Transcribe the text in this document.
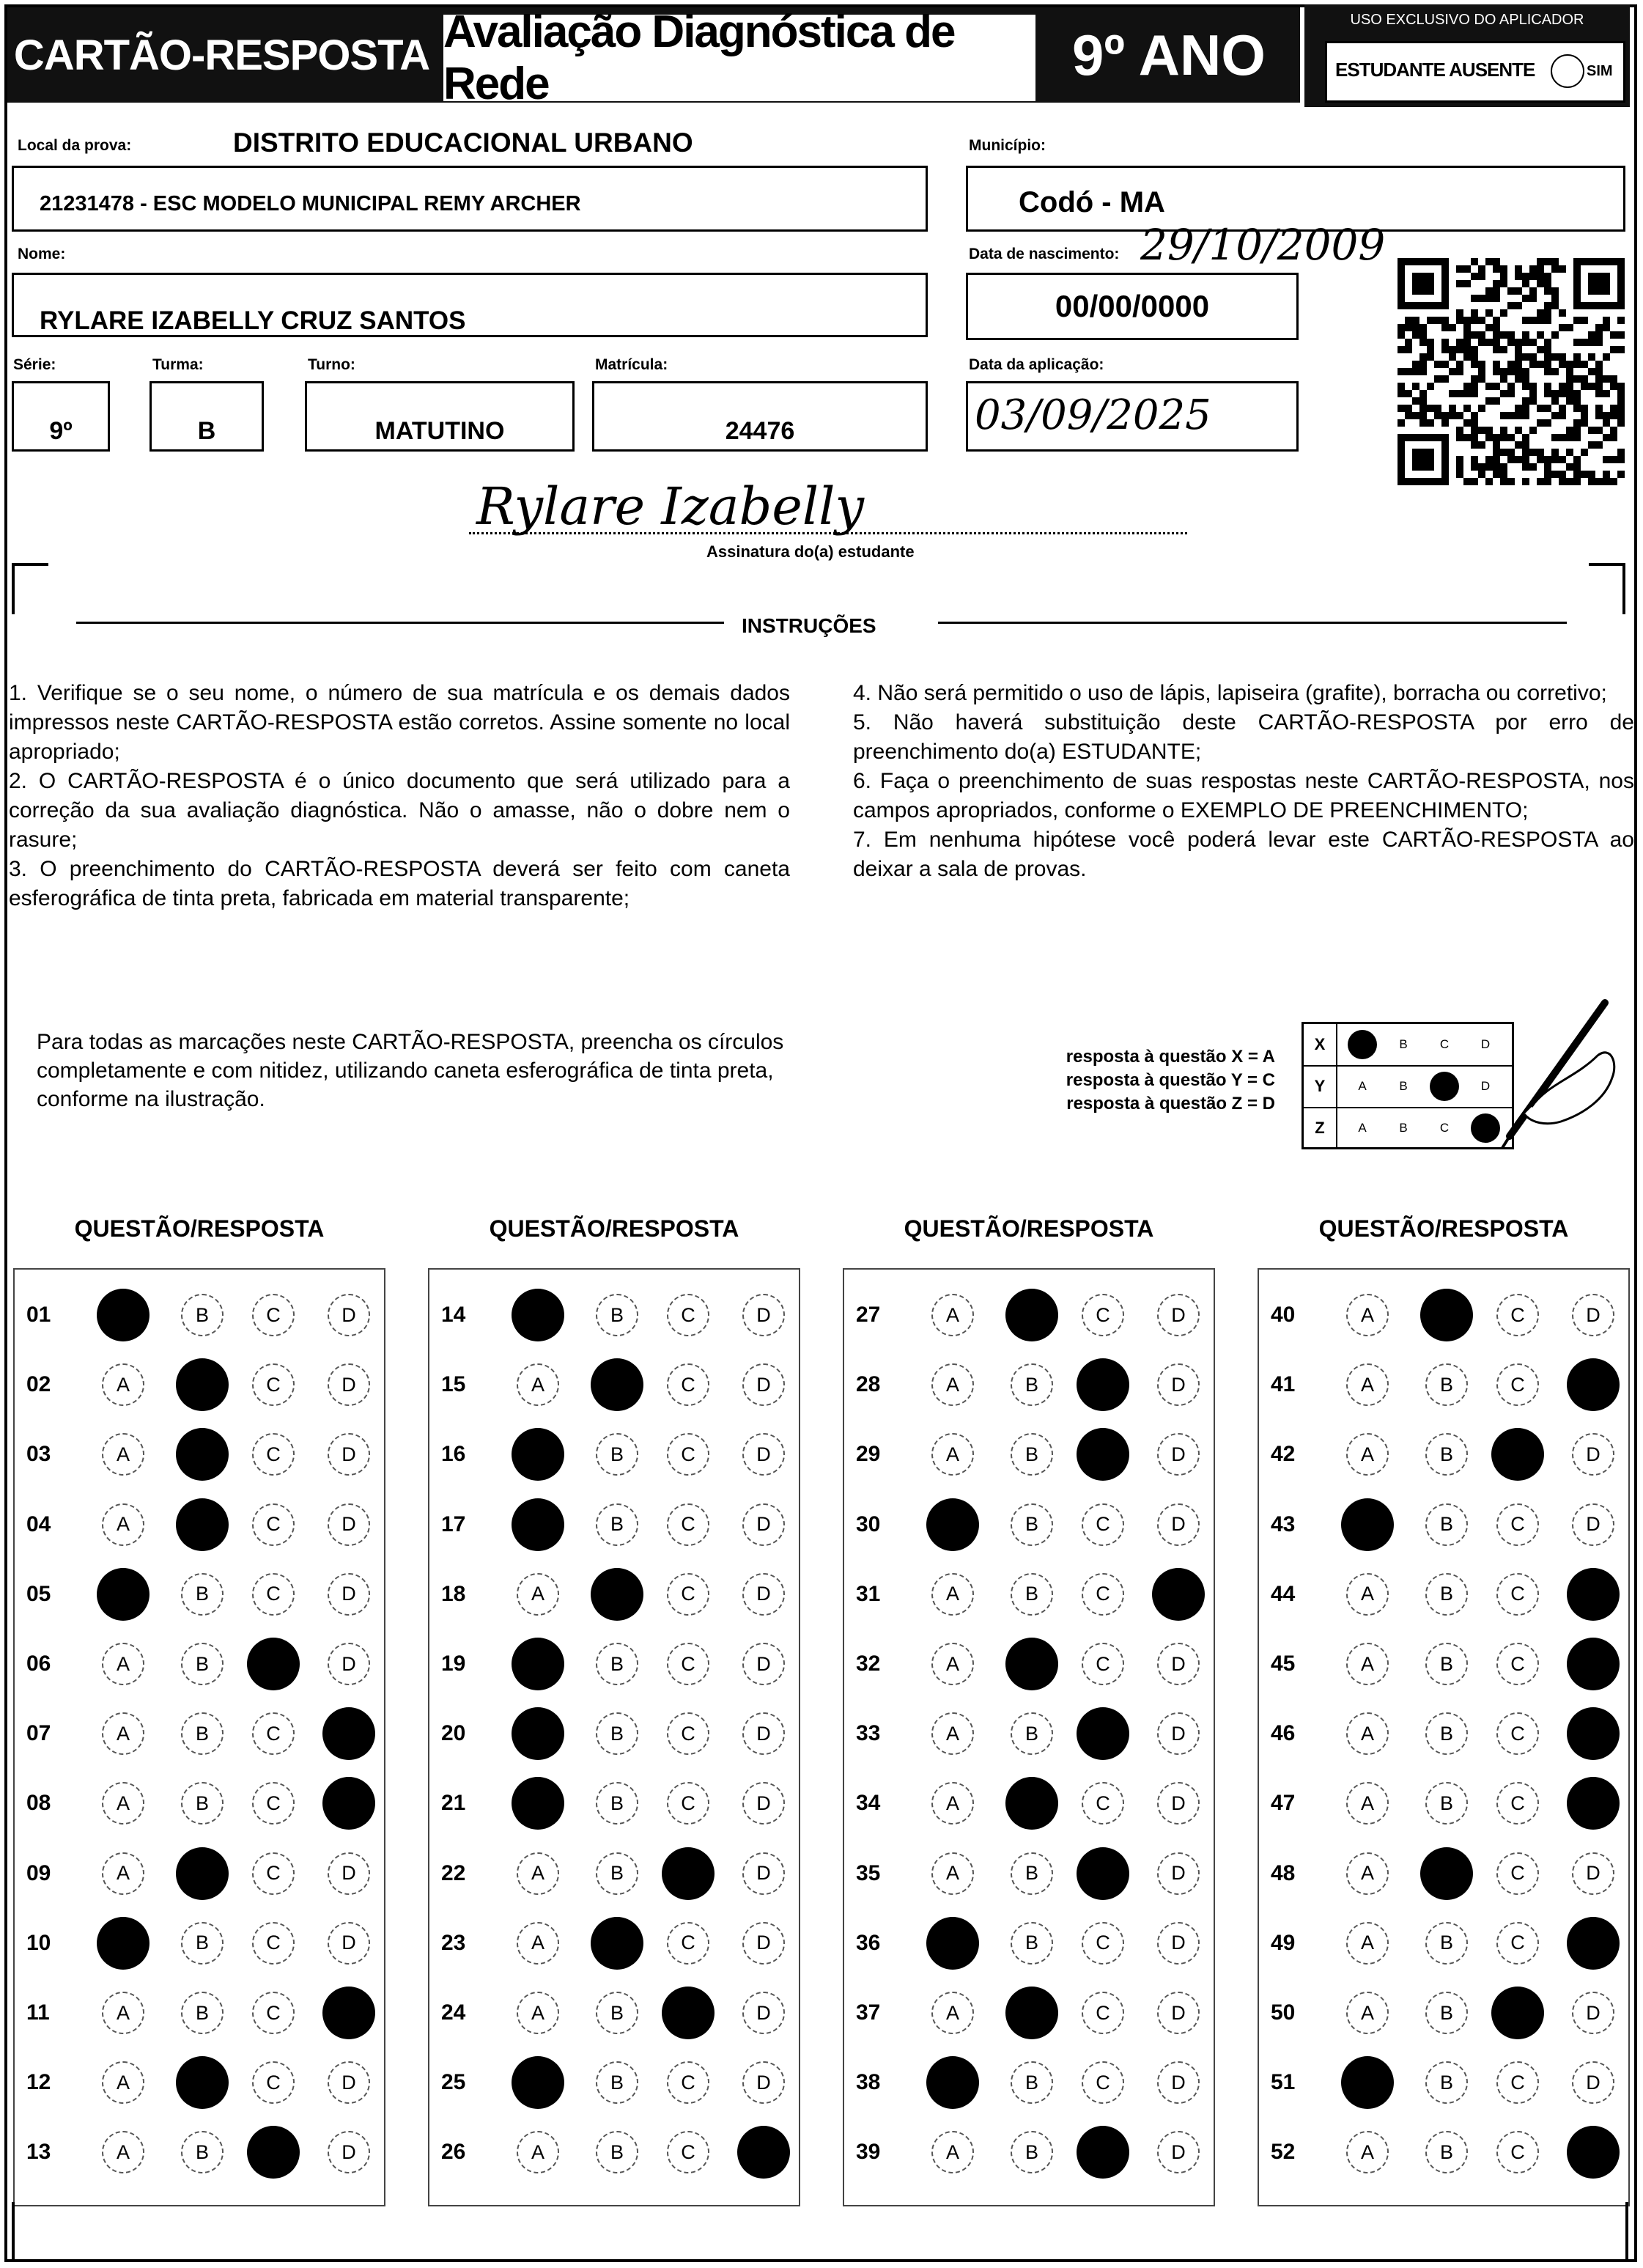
CARTÃO-RESPOSTA Avaliação Diagnóstica de Rede	9º ANO
USO EXCLUSIVO DO APLICADOR
ESTUDANTE AUSENTE	SIM
Local da prova:	DISTRITO EDUCACIONAL URBANO
21231478 - ESC MODELO MUNICIPAL REMY ARCHER
Município:
Codó - MA
Nome:
RYLARE IZABELLY CRUZ SANTOS
Data de nascimento: 29/10/2009
00/00/0000
Série:
9º
Turma:
B
Turno:
MATUTINO
Matrícula:
24476
Data da aplicação:
03/09/2025
Rylare Izabelly
Assinatura do(a) estudante
INSTRUÇÕES

1. Verifique se o seu nome, o número de sua matrícula e os demais dados impressos neste CARTÃO-RESPOSTA estão corretos. Assine somente no local apropriado;

2. O CARTÃO-RESPOSTA é o único documento que será utilizado para a correção da sua avaliação diagnóstica. Não o amasse, não o dobre nem o rasure;

3. O preenchimento do CARTÃO-RESPOSTA deverá ser feito com caneta esferográfica de tinta preta, fabricada em material transparente;

4. Não será permitido o uso de lápis, lapiseira (grafite), borracha ou corretivo;

5. Não haverá substituição deste CARTÃO-RESPOSTA por erro de preenchimento do(a) ESTUDANTE;

6. Faça o preenchimento de suas respostas neste CARTÃO-RESPOSTA, nos campos apropriados, conforme o EXEMPLO DE PREENCHIMENTO;

7. Em nenhuma hipótese você poderá levar este CARTÃO-RESPOSTA ao deixar a sala de provas.

Para todas as marcações neste CARTÃO-RESPOSTA, preencha os círculos completamente e com nitidez, utilizando caneta esferográfica de tinta preta, conforme na ilustração.
resposta à questão X = A
resposta à questão Y = C
resposta à questão Z = D
X	B	C	D
Y	A	B	D
Z	A	B	C
QUESTÃO/RESPOSTA
01	B	C	D
02	A	C	D
03	A	C	D
04	A	C	D
05	B	C	D
06	A	B	D
07	A	B	C
08	A	B	C
09	A	C	D
10	B	C	D
11	A	B	C
12	A	C	D
13	A	B	D
QUESTÃO/RESPOSTA
14	B	C	D
15	A	C	D
16	B	C	D
17	B	C	D
18	A	C	D
19	B	C	D
20	B	C	D
21	B	C	D
22	A	B	D
23	A	C	D
24	A	B	D
25	B	C	D
26	A	B	C
QUESTÃO/RESPOSTA
27	A	C	D
28	A	B	D
29	A	B	D
30	B	C	D
31	A	B	C
32	A	C	D
33	A	B	D
34	A	C	D
35	A	B	D
36	B	C	D
37	A	C	D
38	B	C	D
39	A	B	D
QUESTÃO/RESPOSTA
40	A	C	D
41	A	B	C
42	A	B	D
43	B	C	D
44	A	B	C
45	A	B	C
46	A	B	C
47	A	B	C
48	A	C	D
49	A	B	C
50	A	B	D
51	B	C	D
52	A	B	C
